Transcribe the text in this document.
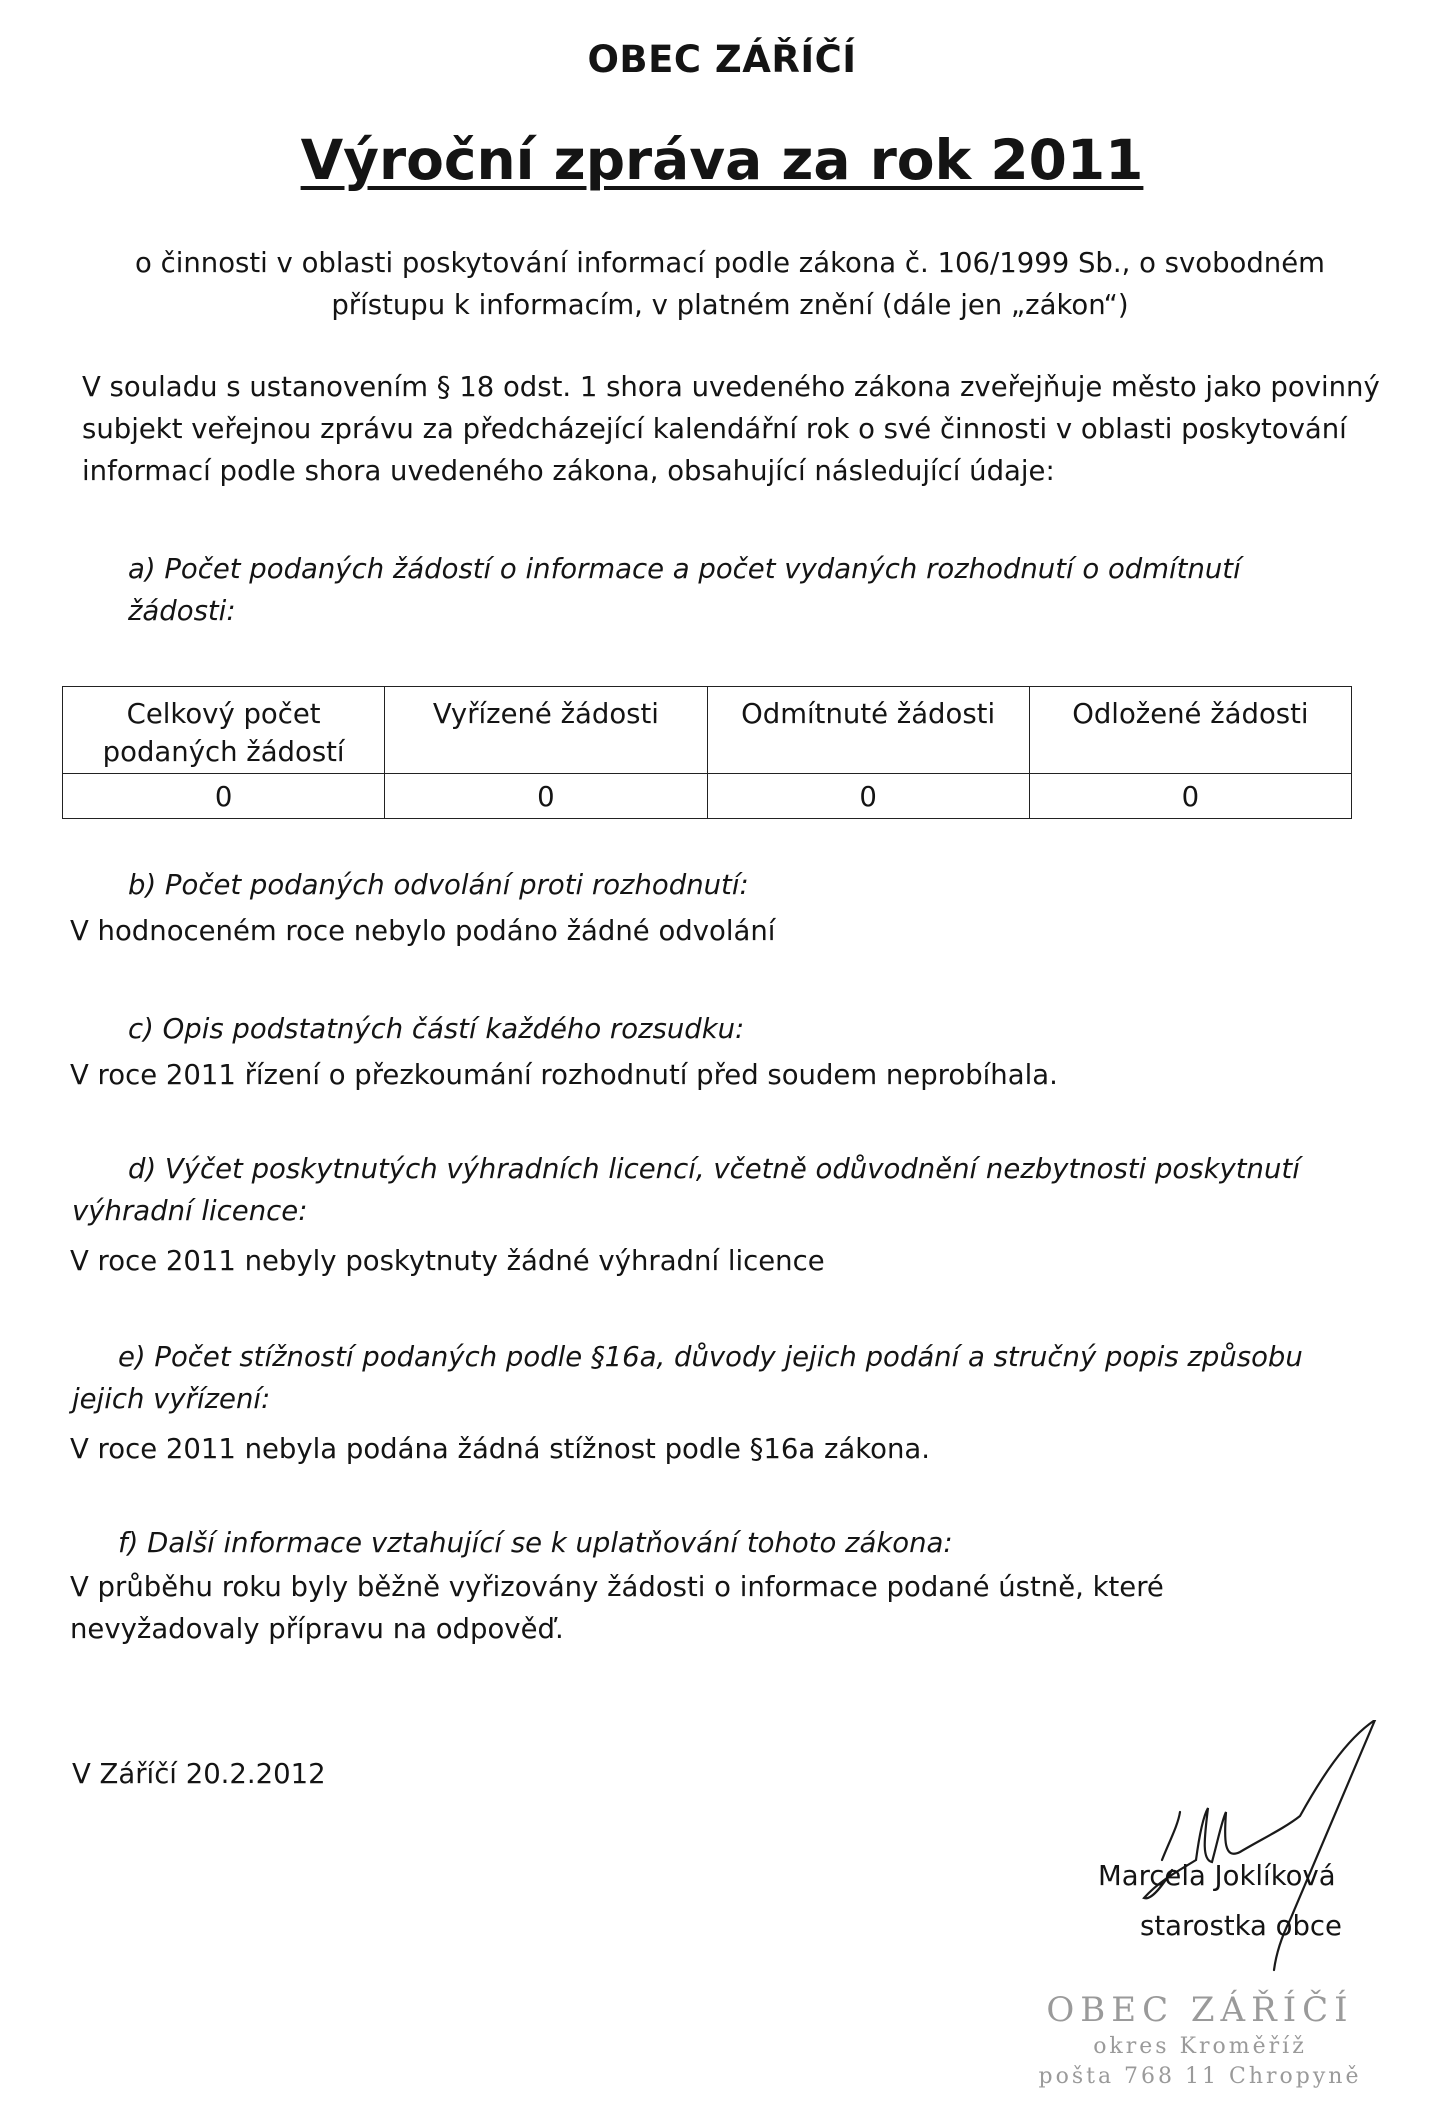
OBEC ZÁŘÍČÍ
Výroční zpráva za rok 2011
o činnosti v oblasti poskytování informací podle zákona č. 106/1999 Sb., o svobodném
přístupu k informacím, v platném znění (dále jen „zákon“)
V souladu s ustanovením § 18 odst. 1 shora uvedeného zákona zveřejňuje město jako povinný subjekt veřejnou zprávu za předcházející kalendářní rok o své činnosti v oblasti poskytování informací podle shora uvedeného zákona, obsahující následující údaje:
a) Počet podaných žádostí o informace a počet vydaných rozhodnutí o odmítnutí žádosti:
Celkový počet podaných žádostí	Vyřízené žádosti	Odmítnuté žádosti	Odložené žádosti
0	0	0	0
b) Počet podaných odvolání proti rozhodnutí:
V hodnoceném roce nebylo podáno žádné odvolání
c) Opis podstatných částí každého rozsudku:
V roce 2011 řízení o přezkoumání rozhodnutí před soudem neprobíhala.
d) Výčet poskytnutých výhradních licencí, včetně odůvodnění nezbytnosti poskytnutí výhradní licence:
V roce 2011 nebyly poskytnuty žádné výhradní licence
e) Počet stížností podaných podle §16a, důvody jejich podání a stručný popis způsobu jejich vyřízení:
V roce 2011 nebyla podána žádná stížnost podle §16a zákona.
f) Další informace vztahující se k uplatňování tohoto zákona:
V průběhu roku byly běžně vyřizovány žádosti o informace podané ústně, které nevyžadovaly přípravu na odpověď.
V Záříčí 20.2.2012
Marcela Joklíková
starostka obce
OBEC ZÁŘÍČÍ
okres Kroměříž
pošta 768 11 Chropyně
